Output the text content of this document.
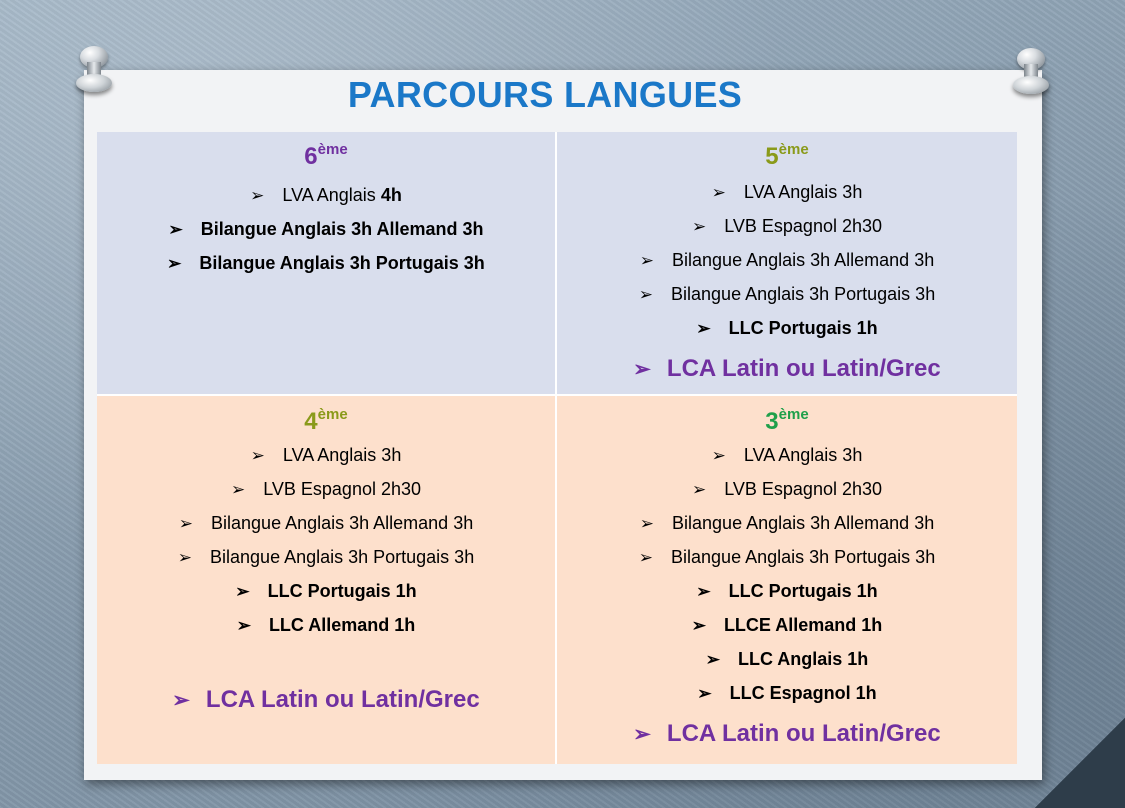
PARCOURS LANGUES
6ème
➢ LVA Anglais 4h
➢ Bilangue Anglais 3h Allemand 3h
➢ Bilangue Anglais 3h Portugais 3h
5ème
➢ LVA Anglais 3h
➢ LVB Espagnol 2h30
➢ Bilangue Anglais 3h Allemand 3h
➢ Bilangue Anglais 3h Portugais 3h
➢ LLC Portugais 1h
➢ LCA Latin ou Latin/Grec
4ème
➢ LVA Anglais 3h
➢ LVB Espagnol 2h30
➢ Bilangue Anglais 3h Allemand 3h
➢ Bilangue Anglais 3h Portugais 3h
➢ LLC Portugais 1h
➢ LLC Allemand 1h
➢ LCA Latin ou Latin/Grec
3ème
➢ LVA Anglais 3h
➢ LVB Espagnol 2h30
➢ Bilangue Anglais 3h Allemand 3h
➢ Bilangue Anglais 3h Portugais 3h
➢ LLC Portugais 1h
➢ LLCE Allemand 1h
➢ LLC Anglais 1h
➢ LLC Espagnol 1h
➢ LCA Latin ou Latin/Grec
